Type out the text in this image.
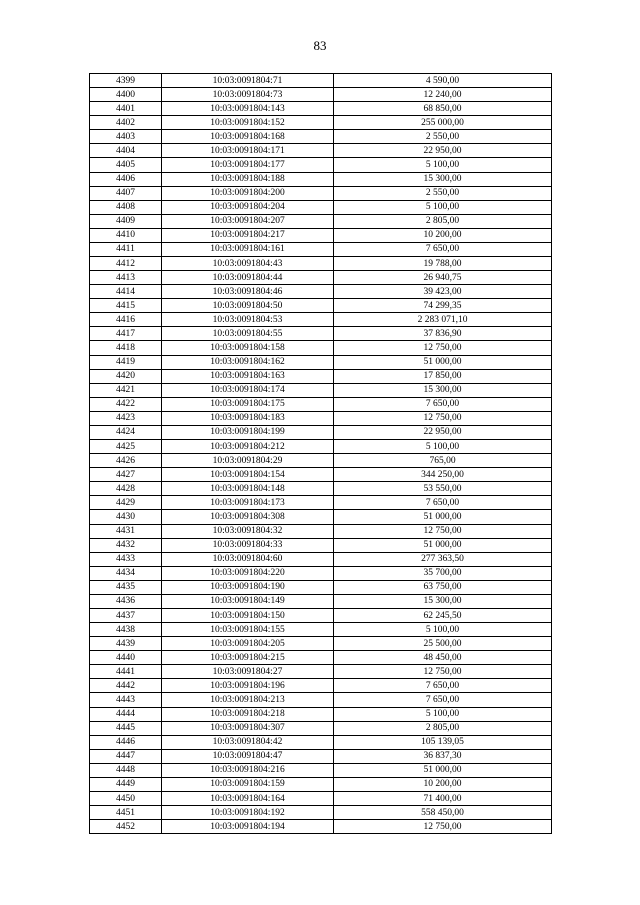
83
4399	10:03:0091804:71	4 590,00
4400	10:03:0091804:73	12 240,00
4401	10:03:0091804:143	68 850,00
4402	10:03:0091804:152	255 000,00
4403	10:03:0091804:168	2 550,00
4404	10:03:0091804:171	22 950,00
4405	10:03:0091804:177	5 100,00
4406	10:03:0091804:188	15 300,00
4407	10:03:0091804:200	2 550,00
4408	10:03:0091804:204	5 100,00
4409	10:03:0091804:207	2 805,00
4410	10:03:0091804:217	10 200,00
4411	10:03:0091804:161	7 650,00
4412	10:03:0091804:43	19 788,00
4413	10:03:0091804:44	26 940,75
4414	10:03:0091804:46	39 423,00
4415	10:03:0091804:50	74 299,35
4416	10:03:0091804:53	2 283 071,10
4417	10:03:0091804:55	37 836,90
4418	10:03:0091804:158	12 750,00
4419	10:03:0091804:162	51 000,00
4420	10:03:0091804:163	17 850,00
4421	10:03:0091804:174	15 300,00
4422	10:03:0091804:175	7 650,00
4423	10:03:0091804:183	12 750,00
4424	10:03:0091804:199	22 950,00
4425	10:03:0091804:212	5 100,00
4426	10:03:0091804:29	765,00
4427	10:03:0091804:154	344 250,00
4428	10:03:0091804:148	53 550,00
4429	10:03:0091804:173	7 650,00
4430	10:03:0091804:308	51 000,00
4431	10:03:0091804:32	12 750,00
4432	10:03:0091804:33	51 000,00
4433	10:03:0091804:60	277 363,50
4434	10:03:0091804:220	35 700,00
4435	10:03:0091804:190	63 750,00
4436	10:03:0091804:149	15 300,00
4437	10:03:0091804:150	62 245,50
4438	10:03:0091804:155	5 100,00
4439	10:03:0091804:205	25 500,00
4440	10:03:0091804:215	48 450,00
4441	10:03:0091804:27	12 750,00
4442	10:03:0091804:196	7 650,00
4443	10:03:0091804:213	7 650,00
4444	10:03:0091804:218	5 100,00
4445	10:03:0091804:307	2 805,00
4446	10:03:0091804:42	105 139,05
4447	10:03:0091804:47	36 837,30
4448	10:03:0091804:216	51 000,00
4449	10:03:0091804:159	10 200,00
4450	10:03:0091804:164	71 400,00
4451	10:03:0091804:192	558 450,00
4452	10:03:0091804:194	12 750,00
